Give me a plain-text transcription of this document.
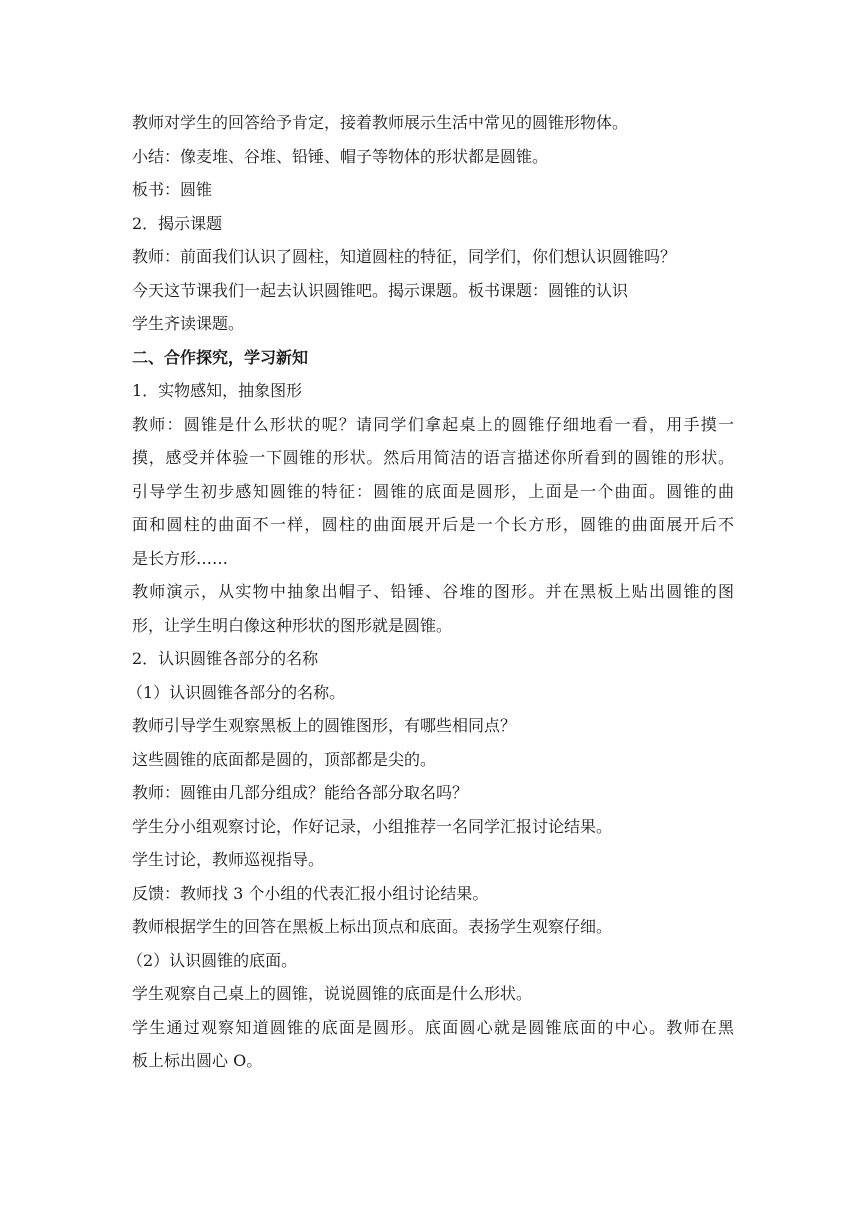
教师对学生的回答给予肯定，接着教师展示生活中常见的圆锥形物体。
小结：像麦堆、谷堆、铅锤、帽子等物体的形状都是圆锥。
板书：圆锥
2．揭示课题
教师：前面我们认识了圆柱，知道圆柱的特征，同学们，你们想认识圆锥吗？
今天这节课我们一起去认识圆锥吧。揭示课题。板书课题：圆锥的认识
学生齐读课题。
二、合作探究，学习新知
1．实物感知，抽象图形
教师：圆锥是什么形状的呢？请同学们拿起桌上的圆锥仔细地看一看，用手摸一
摸，感受并体验一下圆锥的形状。然后用简洁的语言描述你所看到的圆锥的形状。
引导学生初步感知圆锥的特征：圆锥的底面是圆形，上面是一个曲面。圆锥的曲
面和圆柱的曲面不一样，圆柱的曲面展开后是一个长方形，圆锥的曲面展开后不
是长方形……
教师演示，从实物中抽象出帽子、铅锤、谷堆的图形。并在黑板上贴出圆锥的图
形，让学生明白像这种形状的图形就是圆锥。
2．认识圆锥各部分的名称
（1）认识圆锥各部分的名称。
教师引导学生观察黑板上的圆锥图形，有哪些相同点？
这些圆锥的底面都是圆的，顶部都是尖的。
教师：圆锥由几部分组成？能给各部分取名吗？
学生分小组观察讨论，作好记录，小组推荐一名同学汇报讨论结果。
学生讨论，教师巡视指导。
反馈：教师找 3 个小组的代表汇报小组讨论结果。
教师根据学生的回答在黑板上标出顶点和底面。表扬学生观察仔细。
（2）认识圆锥的底面。
学生观察自己桌上的圆锥，说说圆锥的底面是什么形状。
学生通过观察知道圆锥的底面是圆形。底面圆心就是圆锥底面的中心。教师在黑
板上标出圆心 O。
